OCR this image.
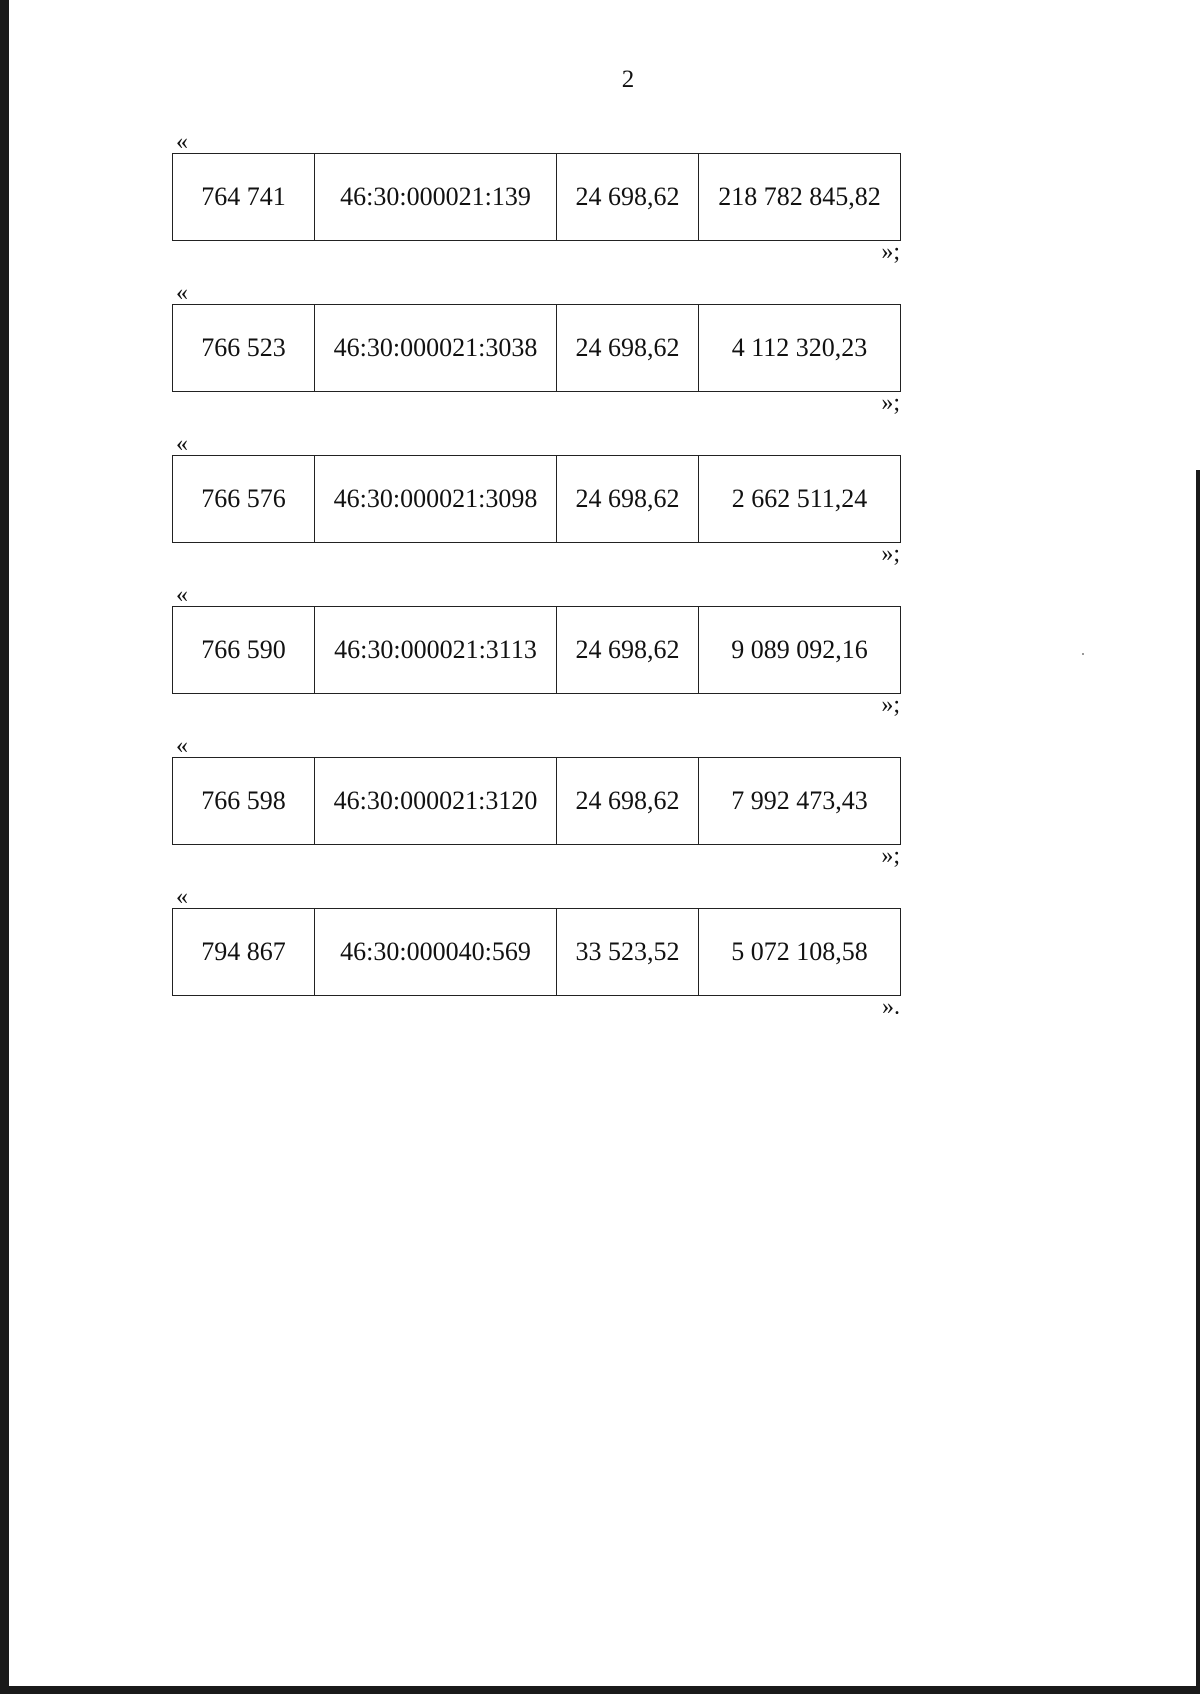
2
«
764 741	46:30:000021:139	24 698,62	218 782 845,82
»;
«
766 523	46:30:000021:3038	24 698,62	4 112 320,23
»;
«
766 576	46:30:000021:3098	24 698,62	2 662 511,24
»;
«
766 590	46:30:000021:3113	24 698,62	9 089 092,16
»;
«
766 598	46:30:000021:3120	24 698,62	7 992 473,43
»;
«
794 867	46:30:000040:569	33 523,52	5 072 108,58
».
